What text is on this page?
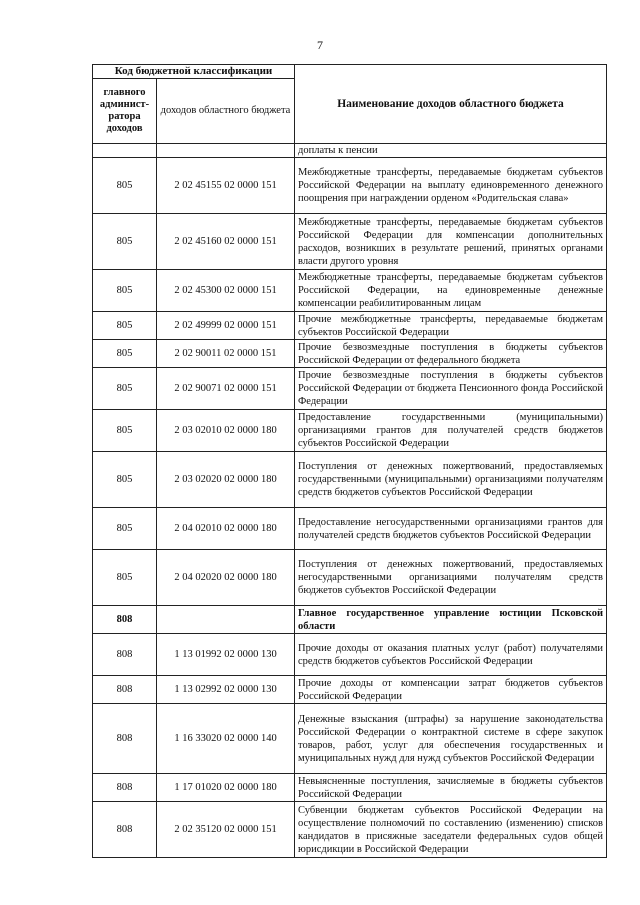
7
Код бюджетной классификации		Наименование доходов областного бюджета
главного админист-ратора доходов	доходов областного бюджета	
		доплаты к пенсии
805	2 02 45155 02 0000 151	Межбюджетные трансферты, передаваемые бюджетам субъектов Российской Федерации на выплату единовременного денежного поощрения при награждении орденом «Родительская слава»
805	2 02 45160 02 0000 151	Межбюджетные трансферты, передаваемые бюджетам субъектов Российской Федерации для компенсации дополнительных расходов, возникших в результате решений, принятых органами власти другого уровня
805	2 02 45300 02 0000 151	Межбюджетные трансферты, передаваемые бюджетам субъектов Российской Федерации, на единовременные денежные компенсации реабилитированным лицам
805	2 02 49999 02 0000 151	Прочие межбюджетные трансферты, передаваемые бюджетам субъектов Российской Федерации
805	2 02 90011 02 0000 151	Прочие безвозмездные поступления в бюджеты субъектов Российской Федерации от федерального бюджета
805	2 02 90071 02 0000 151	Прочие безвозмездные поступления в бюджеты субъектов Российской Федерации от бюджета Пенсионного фонда Российской Федерации
805	2 03 02010 02 0000 180	Предоставление государственными (муниципальными) организациями грантов для получателей средств бюджетов субъектов Российской Федерации
805	2 03 02020 02 0000 180	Поступления от денежных пожертвований, предоставляемых государственными (муниципальными) организациями получателям средств бюджетов субъектов Российской Федерации
805	2 04 02010 02 0000 180	Предоставление негосударственными организациями грантов для получателей средств бюджетов субъектов Российской Федерации
805	2 04 02020 02 0000 180	Поступления от денежных пожертвований, предоставляемых негосударственными организациями получателям средств бюджетов субъектов Российской Федерации
808		Главное государственное управление юстиции Псковской области
808	1 13 01992 02 0000 130	Прочие доходы от оказания платных услуг (работ) получателями средств бюджетов субъектов Российской Федерации
808	1 13 02992 02 0000 130	Прочие доходы от компенсации затрат бюджетов субъектов Российской Федерации
808	1 16 33020 02 0000 140	Денежные взыскания (штрафы) за нарушение законодательства Российской Федерации о контрактной системе в сфере закупок товаров, работ, услуг для обеспечения государственных и муниципальных нужд для нужд субъектов Российской Федерации
808	1 17 01020 02 0000 180	Невыясненные поступления, зачисляемые в бюджеты субъектов Российской Федерации
808	2 02 35120 02 0000 151	Субвенции бюджетам субъектов Российской Федерации на осуществление полномочий по составлению (изменению) списков кандидатов в присяжные заседатели федеральных судов общей юрисдикции в Российской Федерации
